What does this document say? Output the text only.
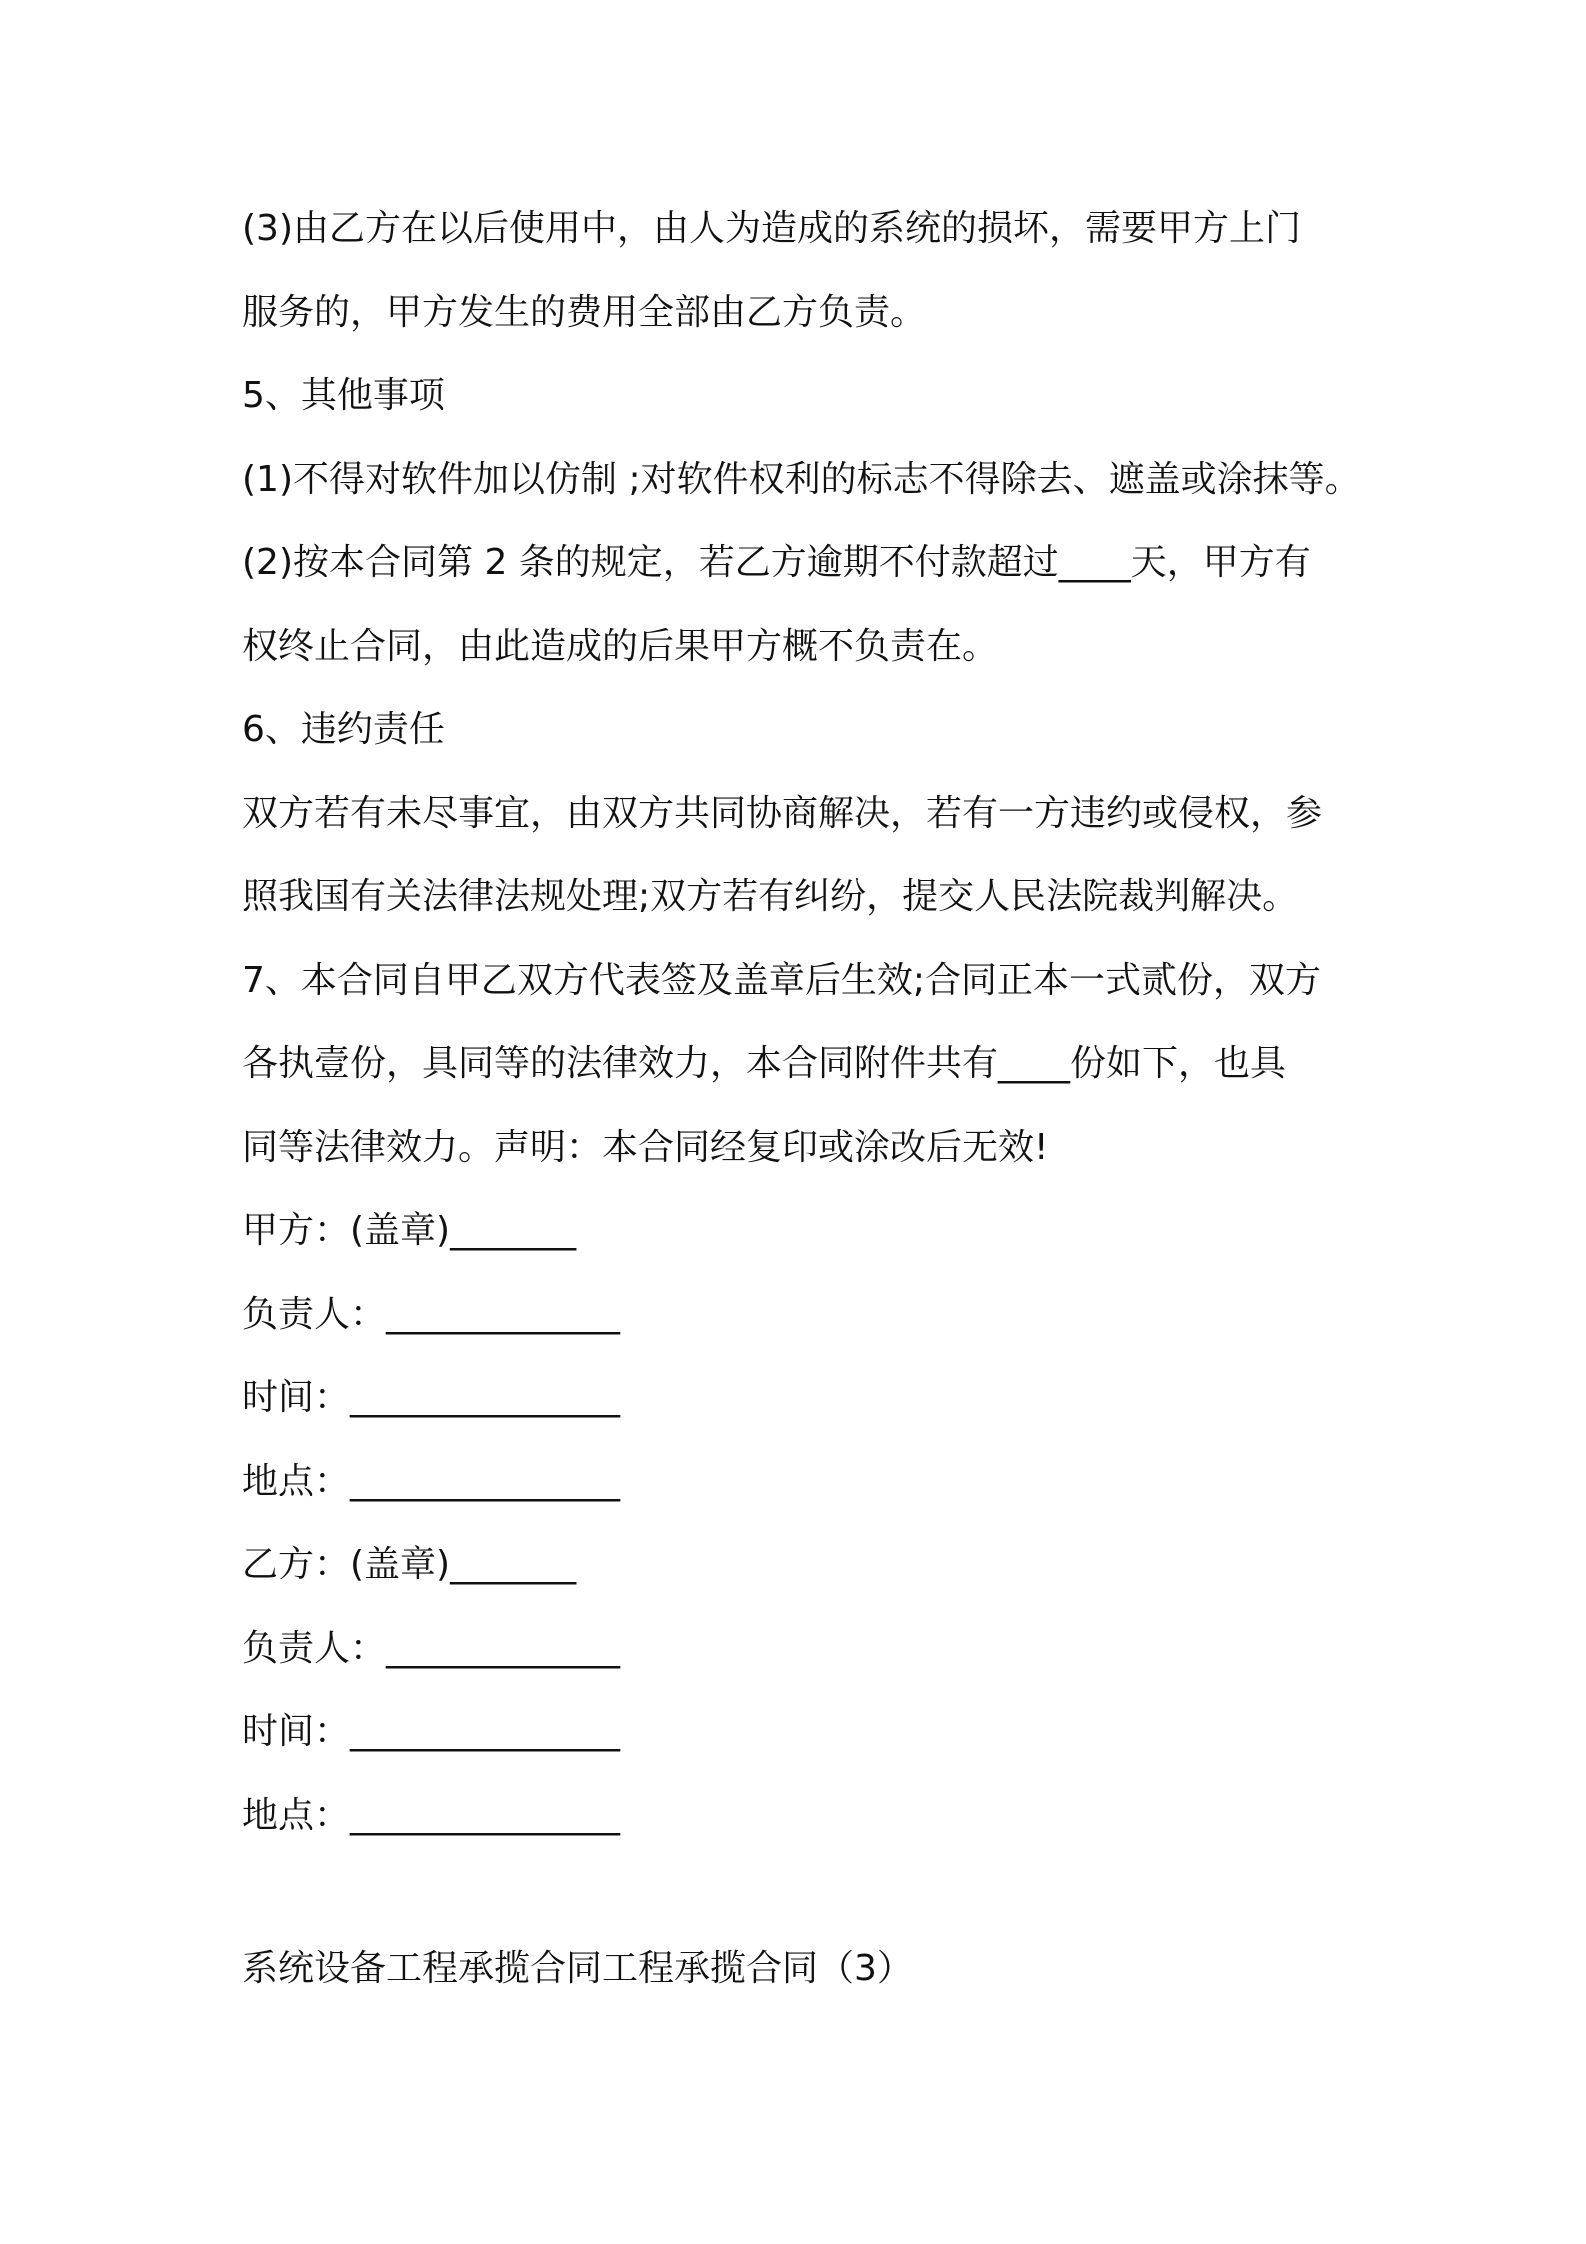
(3)由乙方在以后使用中，由人为造成的系统的损坏，需要甲方上门
服务的，甲方发生的费用全部由乙方负责。
5、其他事项
(1)不得对软件加以仿制 ;对软件权利的标志不得除去、遮盖或涂抹等。
(2)按本合同第 2 条的规定，若乙方逾期不付款超过____天，甲方有
权终止合同，由此造成的后果甲方概不负责在。
6、违约责任
双方若有未尽事宜，由双方共同协商解决，若有一方违约或侵权，参
照我国有关法律法规处理;双方若有纠纷，提交人民法院裁判解决。
7、本合同自甲乙双方代表签及盖章后生效;合同正本一式贰份，双方
各执壹份，具同等的法律效力，本合同附件共有____份如下，也具
同等法律效力。声明：本合同经复印或涂改后无效!
甲方：(盖章)_______
负责人：_____________
时间：_______________
地点：_______________
乙方：(盖章)_______
负责人：_____________
时间：_______________
地点：_______________
系统设备工程承揽合同工程承揽合同（3）
